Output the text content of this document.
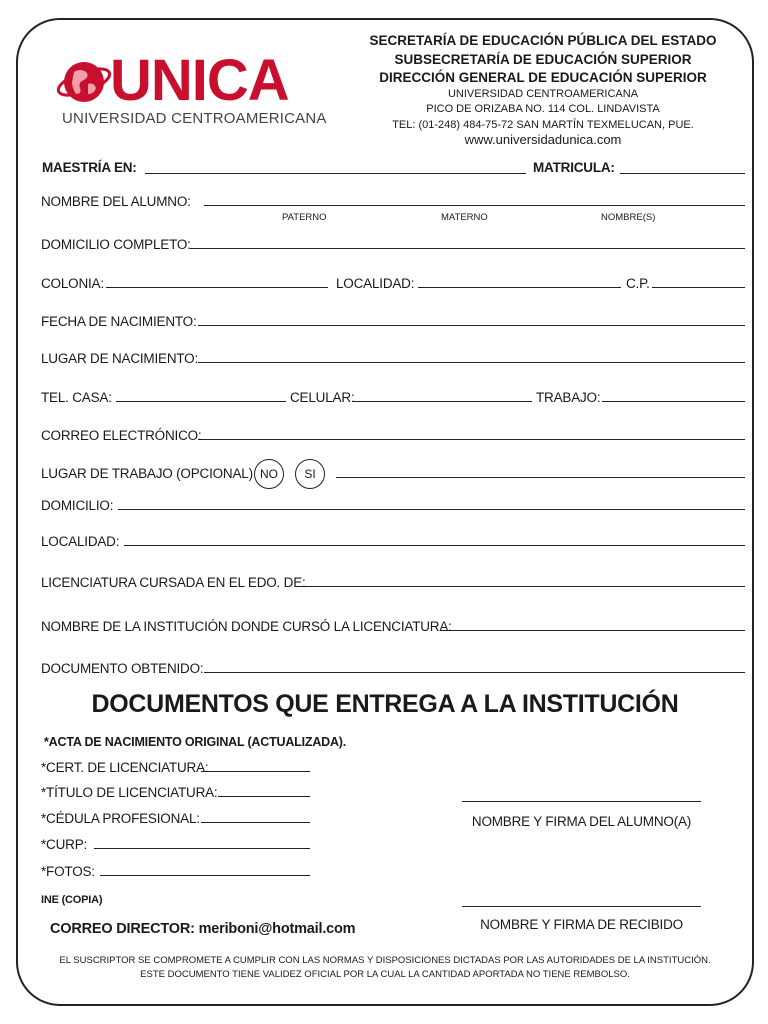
UNICA
UNIVERSIDAD CENTROAMERICANA
SECRETARÍA DE EDUCACIÓN PÚBLICA DEL ESTADO
SUBSECRETARÍA DE EDUCACIÓN SUPERIOR
DIRECCIÓN GENERAL DE EDUCACIÓN SUPERIOR
UNIVERSIDAD CENTROAMERICANA
PICO DE ORIZABA NO. 114 COL. LINDAVISTA
TEL: (01-248) 484-75-72 SAN MARTÍN TEXMELUCAN, PUE.
www.universidadunica.com
MAESTRÍA EN:	MATRICULA:
NOMBRE DEL ALUMNO:
PATERNO	MATERNO	NOMBRE(S)
DOMICILIO COMPLETO:
COLONIA:	LOCALIDAD:	C.P.
FECHA DE NACIMIENTO:
LUGAR DE NACIMIENTO:
TEL. CASA:	CELULAR:	TRABAJO:
CORREO ELECTRÓNICO:
LUGAR DE TRABAJO (OPCIONAL) NO SI
DOMICILIO:
LOCALIDAD:
LICENCIATURA CURSADA EN EL EDO. DE:
NOMBRE DE LA INSTITUCIÓN DONDE CURSÓ LA LICENCIATURA:
DOCUMENTO OBTENIDO:
DOCUMENTOS QUE ENTREGA A LA INSTITUCIÓN
*ACTA DE NACIMIENTO ORIGINAL (ACTUALIZADA).
*CERT. DE LICENCIATURA:
*TÍTULO DE LICENCIATURA:
*CÉDULA PROFESIONAL:
*CURP:
*FOTOS:
INE (COPIA)
CORREO DIRECTOR: meriboni@hotmail.com
NOMBRE Y FIRMA DEL ALUMNO(A)
NOMBRE Y FIRMA DE RECIBIDO
EL SUSCRIPTOR SE COMPROMETE A CUMPLIR CON LAS NORMAS Y DISPOSICIONES DICTADAS POR LAS AUTORIDADES DE LA INSTITUCIÓN.
ESTE DOCUMENTO TIENE VALIDEZ OFICIAL POR LA CUAL LA CANTIDAD APORTADA NO TIENE REMBOLSO.
